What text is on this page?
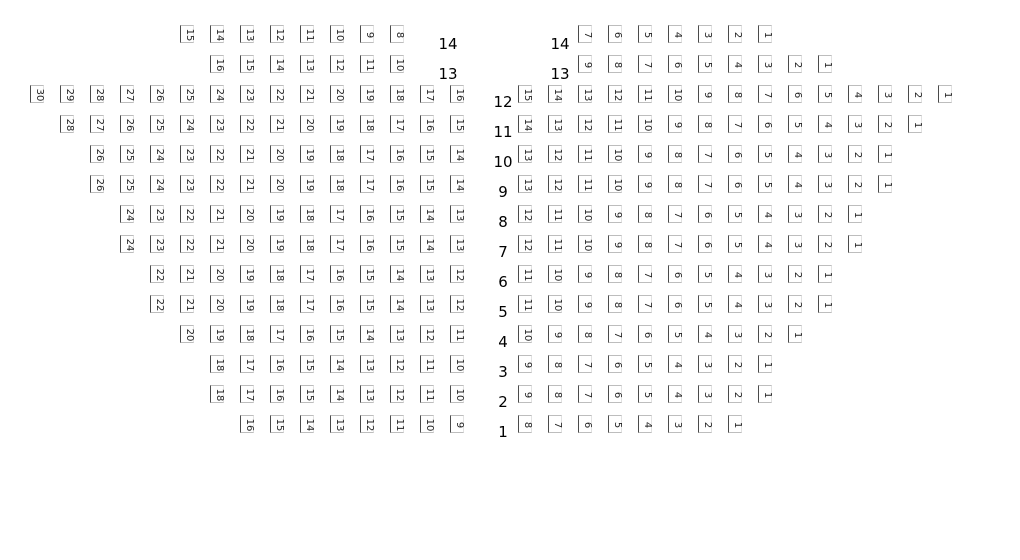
15 14 13 12 11 10 9 8	7 6 5 4 3 2 1
14	14
16 15 14 13 12 11 10	9 8 7 6 5 4 3 2 1
13	13
30 29 28 27 26 25 24 23 22 21 20 19 18 17 16	15 14 13 12 11 10 9 8 7 6 5 4 3 2 1
12
28 27 26 25 24 23 22 21 20 19 18 17 16 15	14 13 12 11 10 9 8 7 6 5 4 3 2 1
11
26 25 24 23 22 21 20 19 18 17 16 15 14	13 12 11 10 9 8 7 6 5 4 3 2 1
10
26 25 24 23 22 21 20 19 18 17 16 15 14	13 12 11 10 9 8 7 6 5 4 3 2 1
9
24 23 22 21 20 19 18 17 16 15 14 13	12 11 10 9 8 7 6 5 4 3 2 1
8
24 23 22 21 20 19 18 17 16 15 14 13	12 11 10 9 8 7 6 5 4 3 2 1
7
22 21 20 19 18 17 16 15 14 13 12	11 10 9 8 7 6 5 4 3 2 1
6
22 21 20 19 18 17 16 15 14 13 12	11 10 9 8 7 6 5 4 3 2 1
5
20 19 18 17 16 15 14 13 12 11	10 9 8 7 6 5 4 3 2 1
4
18 17 16 15 14 13 12 11 10	9 8 7 6 5 4 3 2 1
3
18 17 16 15 14 13 12 11 10	9 8 7 6 5 4 3 2 1
2
16 15 14 13 12 11 10 9	8 7 6 5 4 3 2 1
1
